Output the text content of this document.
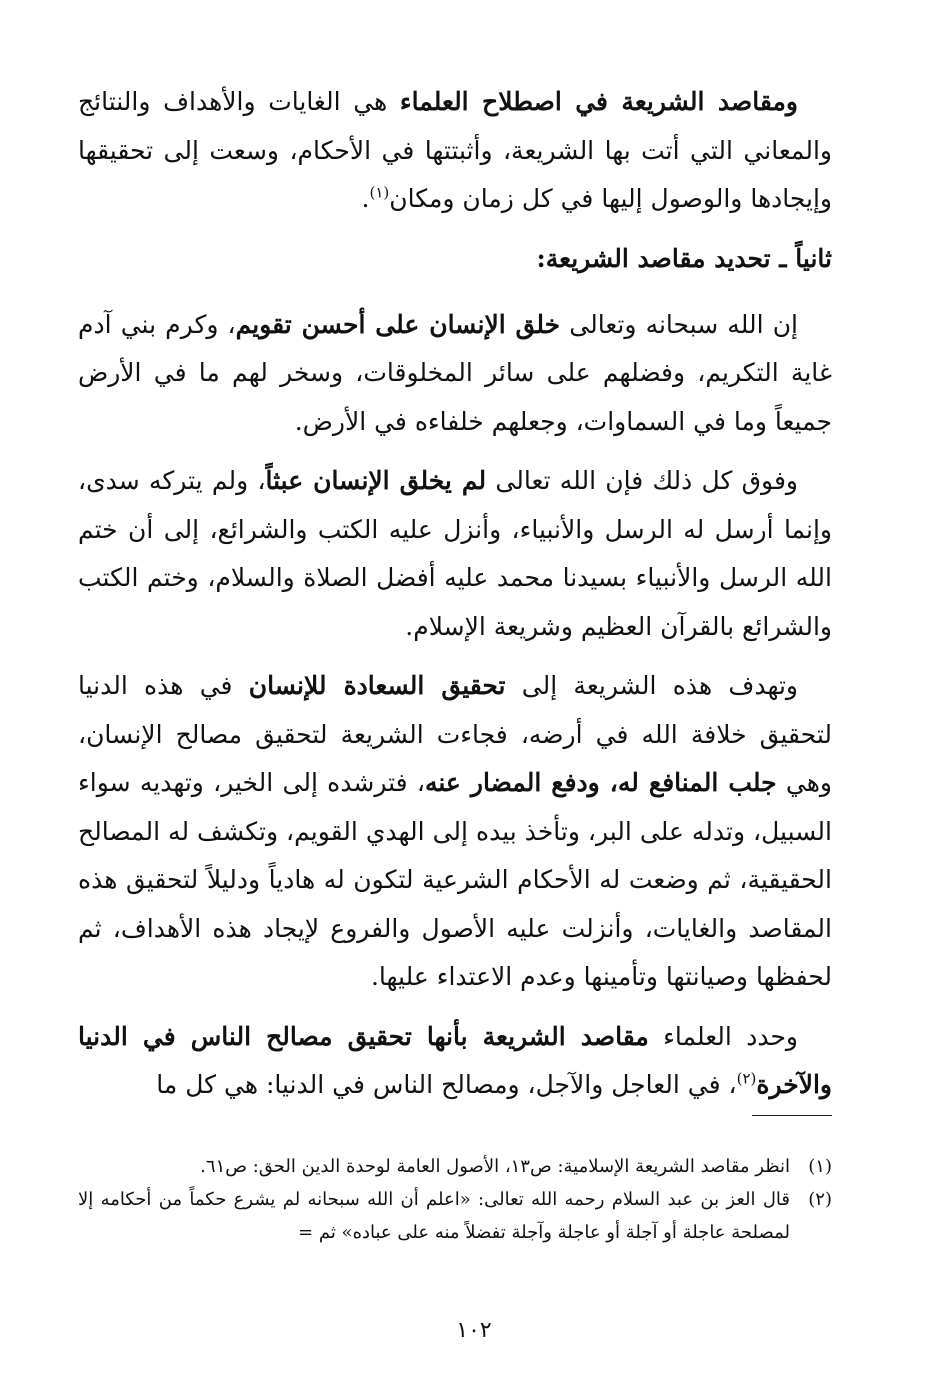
ومقاصد الشريعة في اصطلاح العلماء هي الغايات والأهداف والنتائج والمعاني التي أتت بها الشريعة، وأثبتتها في الأحكام، وسعت إلى تحقيقها وإيجادها والوصول إليها في كل زمان ومكان$^{(١)}$.

ثانياً ـ تحديد مقاصد الشريعة:

إن الله سبحانه وتعالى خلق الإنسان على أحسن تقويم، وكرم بني آدم غاية التكريم، وفضلهم على سائر المخلوقات، وسخر لهم ما في الأرض جميعاً وما في السماوات، وجعلهم خلفاءه في الأرض.

وفوق كل ذلك فإن الله تعالى لم يخلق الإنسان عبثاً، ولم يتركه سدى، وإنما أرسل له الرسل والأنبياء، وأنزل عليه الكتب والشرائع، إلى أن ختم الله الرسل والأنبياء بسيدنا محمد عليه أفضل الصلاة والسلام، وختم الكتب والشرائع بالقرآن العظيم وشريعة الإسلام.

وتهدف هذه الشريعة إلى تحقيق السعادة للإنسان في هذه الدنيا لتحقيق خلافة الله في أرضه، فجاءت الشريعة لتحقيق مصالح الإنسان، وهي جلب المنافع له، ودفع المضار عنه، فترشده إلى الخير، وتهديه سواء السبيل، وتدله على البر، وتأخذ بيده إلى الهدي القويم، وتكشف له المصالح الحقيقية، ثم وضعت له الأحكام الشرعية لتكون له هادياً ودليلاً لتحقيق هذه المقاصد والغايات، وأنزلت عليه الأصول والفروع لإيجاد هذه الأهداف، ثم لحفظها وصيانتها وتأمينها وعدم الاعتداء عليها.

وحدد العلماء مقاصد الشريعة بأنها تحقيق مصالح الناس في الدنيا والآخرة$^{(٢)}$، في العاجل والآجل، ومصالح الناس في الدنيا: هي كل ما

(١)
انظر مقاصد الشريعة الإسلامية: ص١٣، الأصول العامة لوحدة الدين الحق: ص٦١.
(٢)
قال العز بن عبد السلام رحمه الله تعالى: «اعلم أن الله سبحانه لم يشرع حكماً من أحكامه إلا لمصلحة عاجلة أو آجلة أو عاجلة وآجلة تفضلاً منه على عباده» ثم =
١٠٢
